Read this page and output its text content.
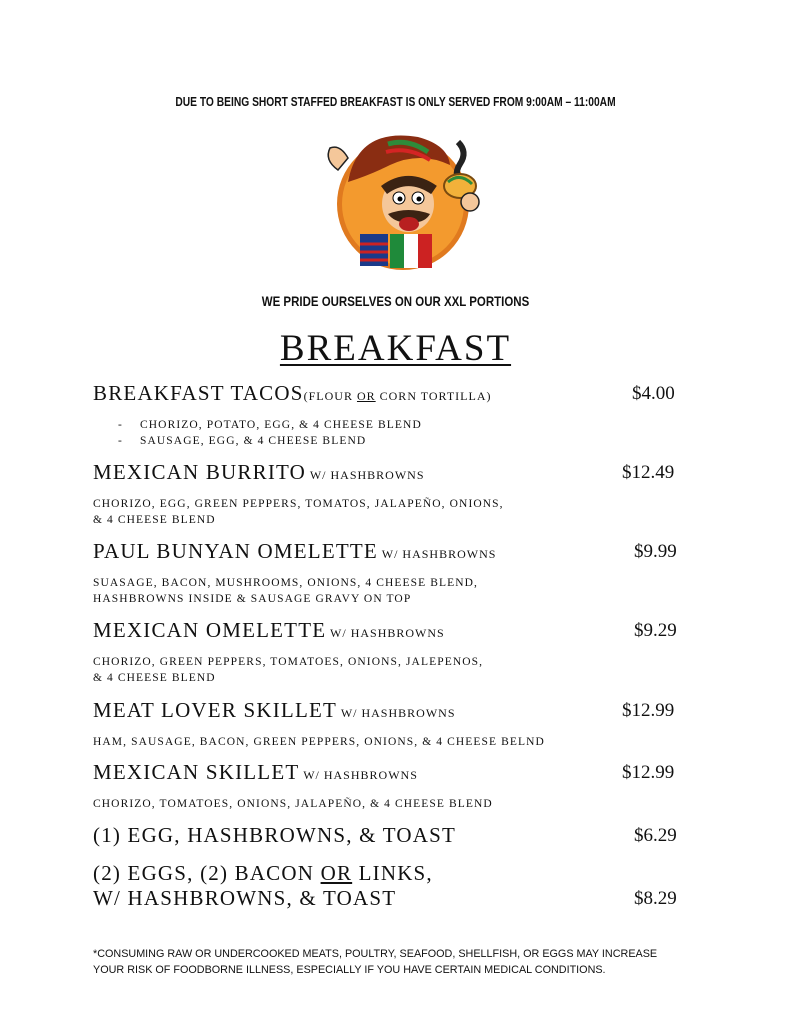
DUE TO BEING SHORT STAFFED BREAKFAST IS ONLY SERVED FROM 9:00AM – 11:00AM
WE PRIDE OURSELVES ON OUR XXL PORTIONS
BREAKFAST
BREAKFAST TACOS(FLOUR OR CORN TORTILLA)	$4.00
- CHORIZO, POTATO, EGG, & 4 CHEESE BLEND
- SAUSAGE, EGG, & 4 CHEESE BLEND
MEXICAN BURRITO W/ HASHBROWNS	$12.49
CHORIZO, EGG, GREEN PEPPERS, TOMATOS, JALAPEÑO, ONIONS,
& 4 CHEESE BLEND
PAUL BUNYAN OMELETTE W/ HASHBROWNS	$9.99
SUASAGE, BACON, MUSHROOMS, ONIONS, 4 CHEESE BLEND,
HASHBROWNS INSIDE & SAUSAGE GRAVY ON TOP
MEXICAN OMELETTE W/ HASHBROWNS	$9.29
CHORIZO, GREEN PEPPERS, TOMATOES, ONIONS, JALEPENOS,
& 4 CHEESE BLEND
MEAT LOVER SKILLET W/ HASHBROWNS	$12.99
HAM, SAUSAGE, BACON, GREEN PEPPERS, ONIONS, & 4 CHEESE BELND
MEXICAN SKILLET W/ HASHBROWNS	$12.99
CHORIZO, TOMATOES, ONIONS, JALAPEÑO, & 4 CHEESE BLEND
(1) EGG, HASHBROWNS, & TOAST	$6.29
(2) EGGS, (2) BACON OR LINKS,
W/ HASHBROWNS, & TOAST	$8.29
*CONSUMING RAW OR UNDERCOOKED MEATS, POULTRY, SEAFOOD, SHELLFISH, OR EGGS MAY INCREASE
YOUR RISK OF FOODBORNE ILLNESS, ESPECIALLY IF YOU HAVE CERTAIN MEDICAL CONDITIONS.
